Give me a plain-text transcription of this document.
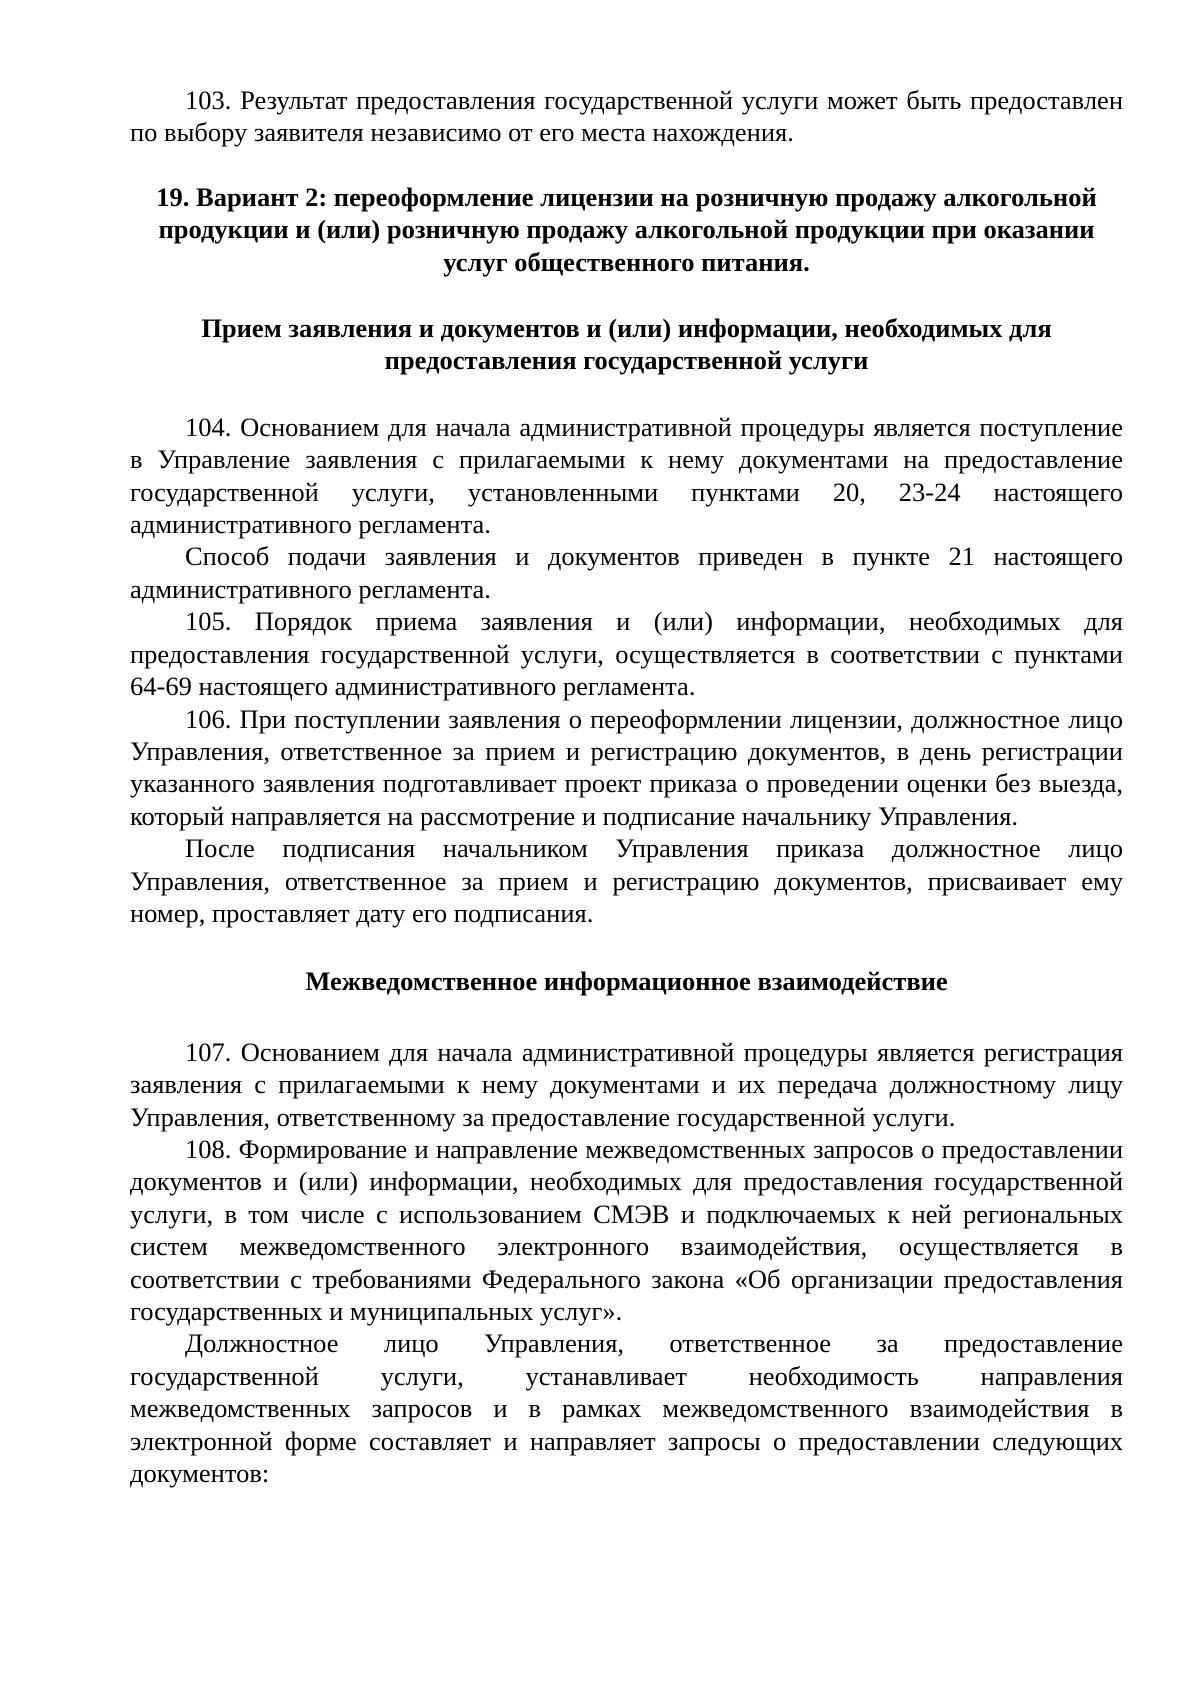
103. Результат предоставления государственной услуги может быть предоставлен по выбору заявителя независимо от его места нахождения.

19. Вариант 2: переоформление лицензии на розничную продажу алкогольной продукции и (или) розничную продажу алкогольной продукции при оказании услуг общественного питания.

Прием заявления и документов и (или) информации, необходимых для предоставления государственной услуги

104. Основанием для начала административной процедуры является поступление в Управление заявления с прилагаемыми к нему документами на предоставление государственной услуги, установленными пунктами 20, 23-24 настоящего административного регламента.

Способ подачи заявления и документов приведен в пункте 21 настоящего административного регламента.

105. Порядок приема заявления и (или) информации, необходимых для предоставления государственной услуги, осуществляется в соответствии с пунктами 64-69 настоящего административного регламента.

106. При поступлении заявления о переоформлении лицензии, должностное лицо Управления, ответственное за прием и регистрацию документов, в день регистрации указанного заявления подготавливает проект приказа о проведении оценки без выезда, который направляется на рассмотрение и подписание начальнику Управления.

После подписания начальником Управления приказа должностное лицо Управления, ответственное за прием и регистрацию документов, присваивает ему номер, проставляет дату его подписания.

Межведомственное информационное взаимодействие

107. Основанием для начала административной процедуры является регистрация заявления с прилагаемыми к нему документами и их передача должностному лицу Управления, ответственному за предоставление государственной услуги.

108. Формирование и направление межведомственных запросов о предоставлении документов и (или) информации, необходимых для предоставления государственной услуги, в том числе с использованием СМЭВ и подключаемых к ней региональных систем межведомственного электронного взаимодействия, осуществляется в соответствии с требованиями Федерального закона «Об организации предоставления государственных и муниципальных услуг».

Должностное лицо Управления, ответственное за предоставление государственной услуги, устанавливает необходимость направления межведомственных запросов и в рамках межведомственного взаимодействия в электронной форме составляет и направляет запросы о предоставлении следующих документов:
